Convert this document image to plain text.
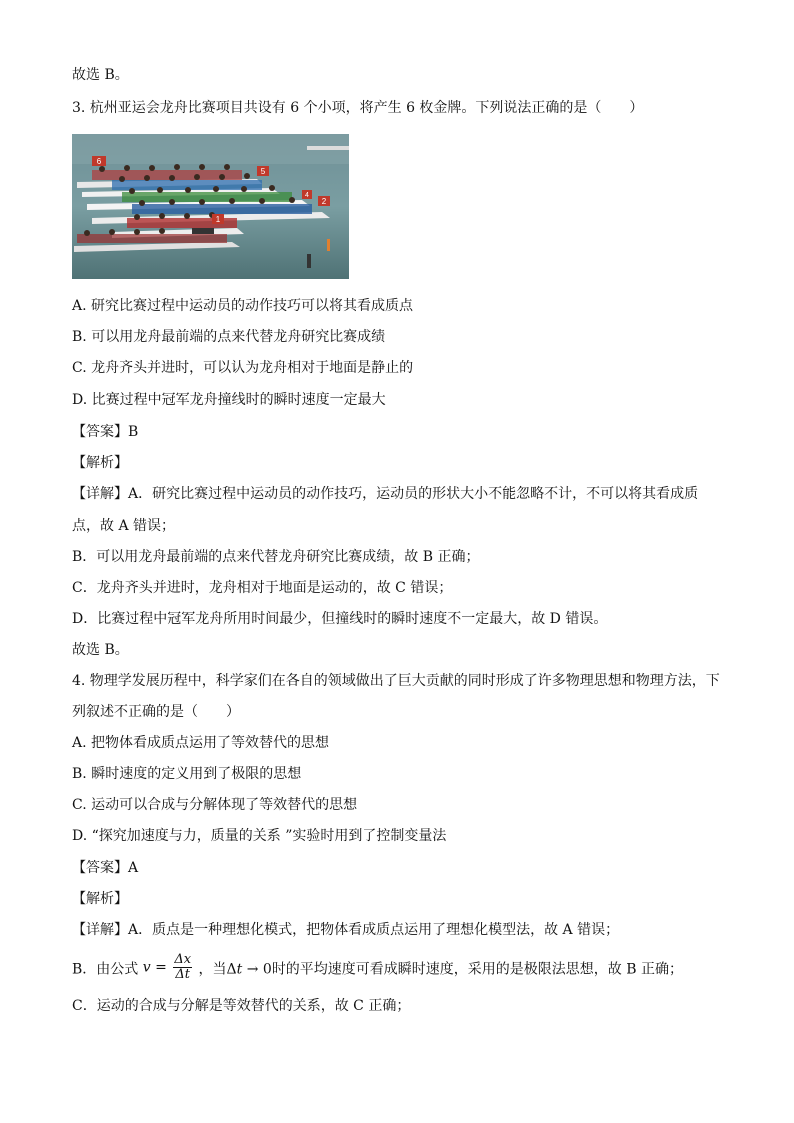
故选 B。
3. 杭州亚运会龙舟比赛项目共设有 6 个小项，将产生 6 枚金牌。下列说法正确的是（　　）
6
5
4
2
1
A. 研究比赛过程中运动员的动作技巧可以将其看成质点
B. 可以用龙舟最前端的点来代替龙舟研究比赛成绩
C. 龙舟齐头并进时，可以认为龙舟相对于地面是静止的
D. 比赛过程中冠军龙舟撞线时的瞬时速度一定最大
【答案】B
【解析】
【详解】A．研究比赛过程中运动员的动作技巧，运动员的形状大小不能忽略不计，不可以将其看成质
点，故 A 错误；
B．可以用龙舟最前端的点来代替龙舟研究比赛成绩，故 B 正确；
C．龙舟齐头并进时，龙舟相对于地面是运动的，故 C 错误；
D．比赛过程中冠军龙舟所用时间最少，但撞线时的瞬时速度不一定最大，故 D 错误。
故选 B。
4. 物理学发展历程中，科学家们在各自的领域做出了巨大贡献的同时形成了许多物理思想和物理方法，下
列叙述不正确的是（　　）
A. 把物体看成质点运用了等效替代的思想
B. 瞬时速度的定义用到了极限的思想
C. 运动可以合成与分解体现了等效替代的思想
D. “探究加速度与力，质量的关系 ”实验时用到了控制变量法
【答案】A
【解析】
【详解】A．质点是一种理想化模式，把物体看成质点运用了理想化模型法，故 A 错误；
B．由公式 $v = \frac{\Delta x}{\Delta t}$ ，当Δt → 0时的平均速度可看成瞬时速度，采用的是极限法思想，故 B 正确；
C．运动的合成与分解是等效替代的关系，故 C 正确；
